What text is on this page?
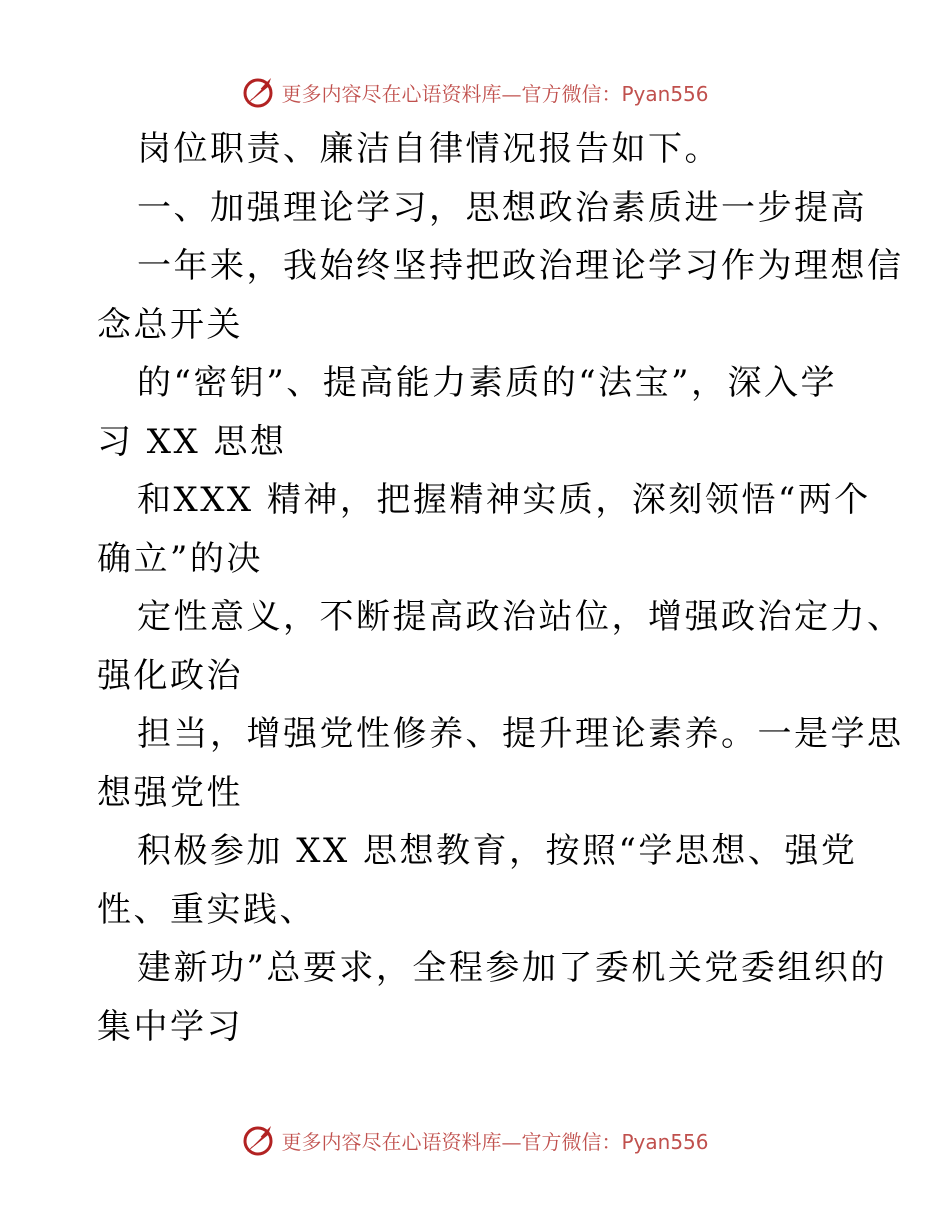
更多内容尽在心语资料库—官方微信：Pyan556
岗位职责、廉洁自律情况报告如下。
一、加强理论学习，思想政治素质进一步提高
一年来，我始终坚持把政治理论学习作为理想信
念总开关
的“密钥”、提高能力素质的“法宝”，深入学
习 XX 思想
和XXX 精神，把握精神实质，深刻领悟“两个
确立”的决
定性意义，不断提高政治站位，增强政治定力、
强化政治
担当，增强党性修养、提升理论素养。一是学思
想强党性
积极参加 XX 思想教育，按照“学思想、强党
性、重实践、
建新功”总要求，全程参加了委机关党委组织的
集中学习
更多内容尽在心语资料库—官方微信：Pyan556
